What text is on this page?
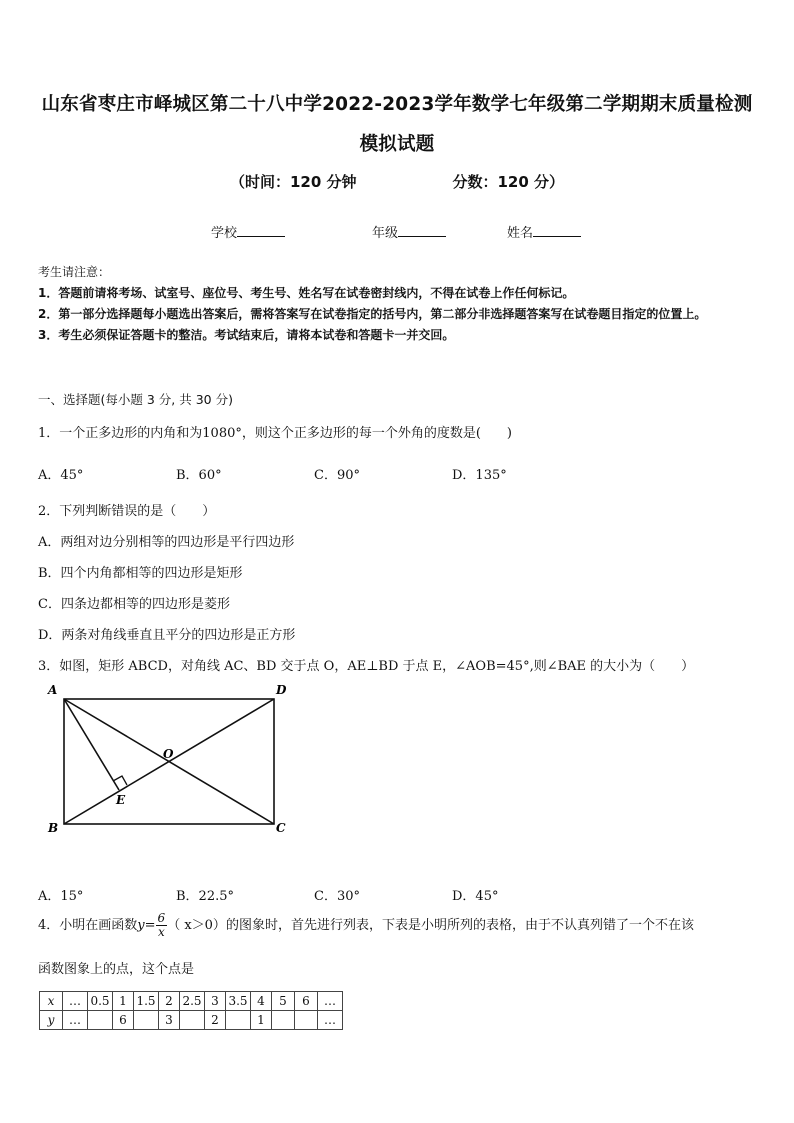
山东省枣庄市峄城区第二十八中学2022-2023学年数学七年级第二学期期末质量检测
模拟试题
（时间：120 分钟	分数：120 分）
学校	年级	姓名
考生请注意：
1．答题前请将考场、试室号、座位号、考生号、姓名写在试卷密封线内，不得在试卷上作任何标记。
2．第一部分选择题每小题选出答案后，需将答案写在试卷指定的括号内，第二部分非选择题答案写在试卷题目指定的位置上。
3．考生必须保证答题卡的整洁。考试结束后，请将本试卷和答题卡一并交回。
一、选择题(每小题 3 分, 共 30 分)
1．一个正多边形的内角和为1080°，则这个正多边形的每一个外角的度数是(　　)
A．45°	B．60°	C．90°	D．135°
2．下列判断错误的是（　　）
A．两组对边分别相等的四边形是平行四边形
B．四个内角都相等的四边形是矩形
C．四条边都相等的四边形是菱形
D．两条对角线垂直且平分的四边形是正方形
3．如图，矩形 ABCD，对角线 AC、BD 交于点 O，AE⊥BD 于点 E，∠AOB=45°,则∠BAE 的大小为（　　）
A	D
B	C
O
E
A．15°	B．22.5°	C．30°	D．45°
4．小明在画函数$y= \frac{6}{x}$ （ x＞0）的图象时，首先进行列表，下表是小明所列的表格，由于不认真列错了一个不在该
函数图象上的点，这个点是
x	…	0.5	1	1.5	2	2.5	3	3.5	4	5	6	…
y	…		6		3		2		1			…
